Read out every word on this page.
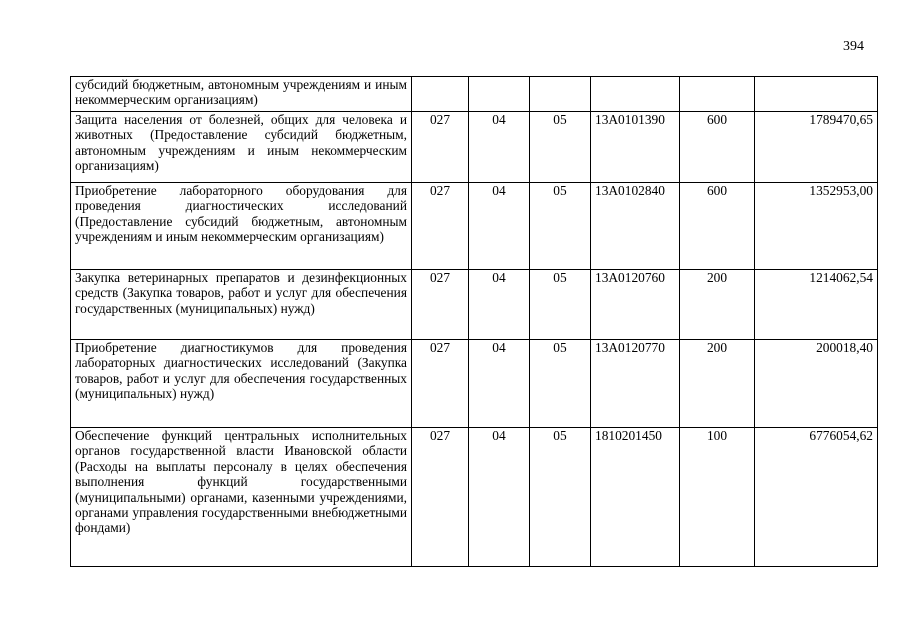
394
субсидий бюджетным, автономным учреждениям и иным некоммерческим организациям)						
Защита населения от болезней, общих для человека и животных (Предоставление субсидий бюджетным, автономным учреждениям и иным некоммерческим организациям)	027	04	05	13А0101390	600	1789470,65
Приобретение лабораторного оборудования для проведения диагностических исследований (Предоставление субсидий бюджетным, автономным учреждениям и иным некоммерческим организациям)	027	04	05	13А0102840	600	1352953,00
Закупка ветеринарных препаратов и дезинфекционных средств (Закупка товаров, работ и услуг для обеспечения государственных (муниципальных) нужд)	027	04	05	13А0120760	200	1214062,54
Приобретение диагностикумов для проведения лабораторных диагностических исследований (Закупка товаров, работ и услуг для обеспечения государственных (муниципальных) нужд)	027	04	05	13А0120770	200	200018,40
Обеспечение функций центральных исполнительных органов государственной власти Ивановской области (Расходы на выплаты персоналу в целях обеспечения выполнения функций государственными (муниципальными) органами, казенными учреждениями, органами управления государственными внебюджетными фондами)	027	04	05	1810201450	100	6776054,62
